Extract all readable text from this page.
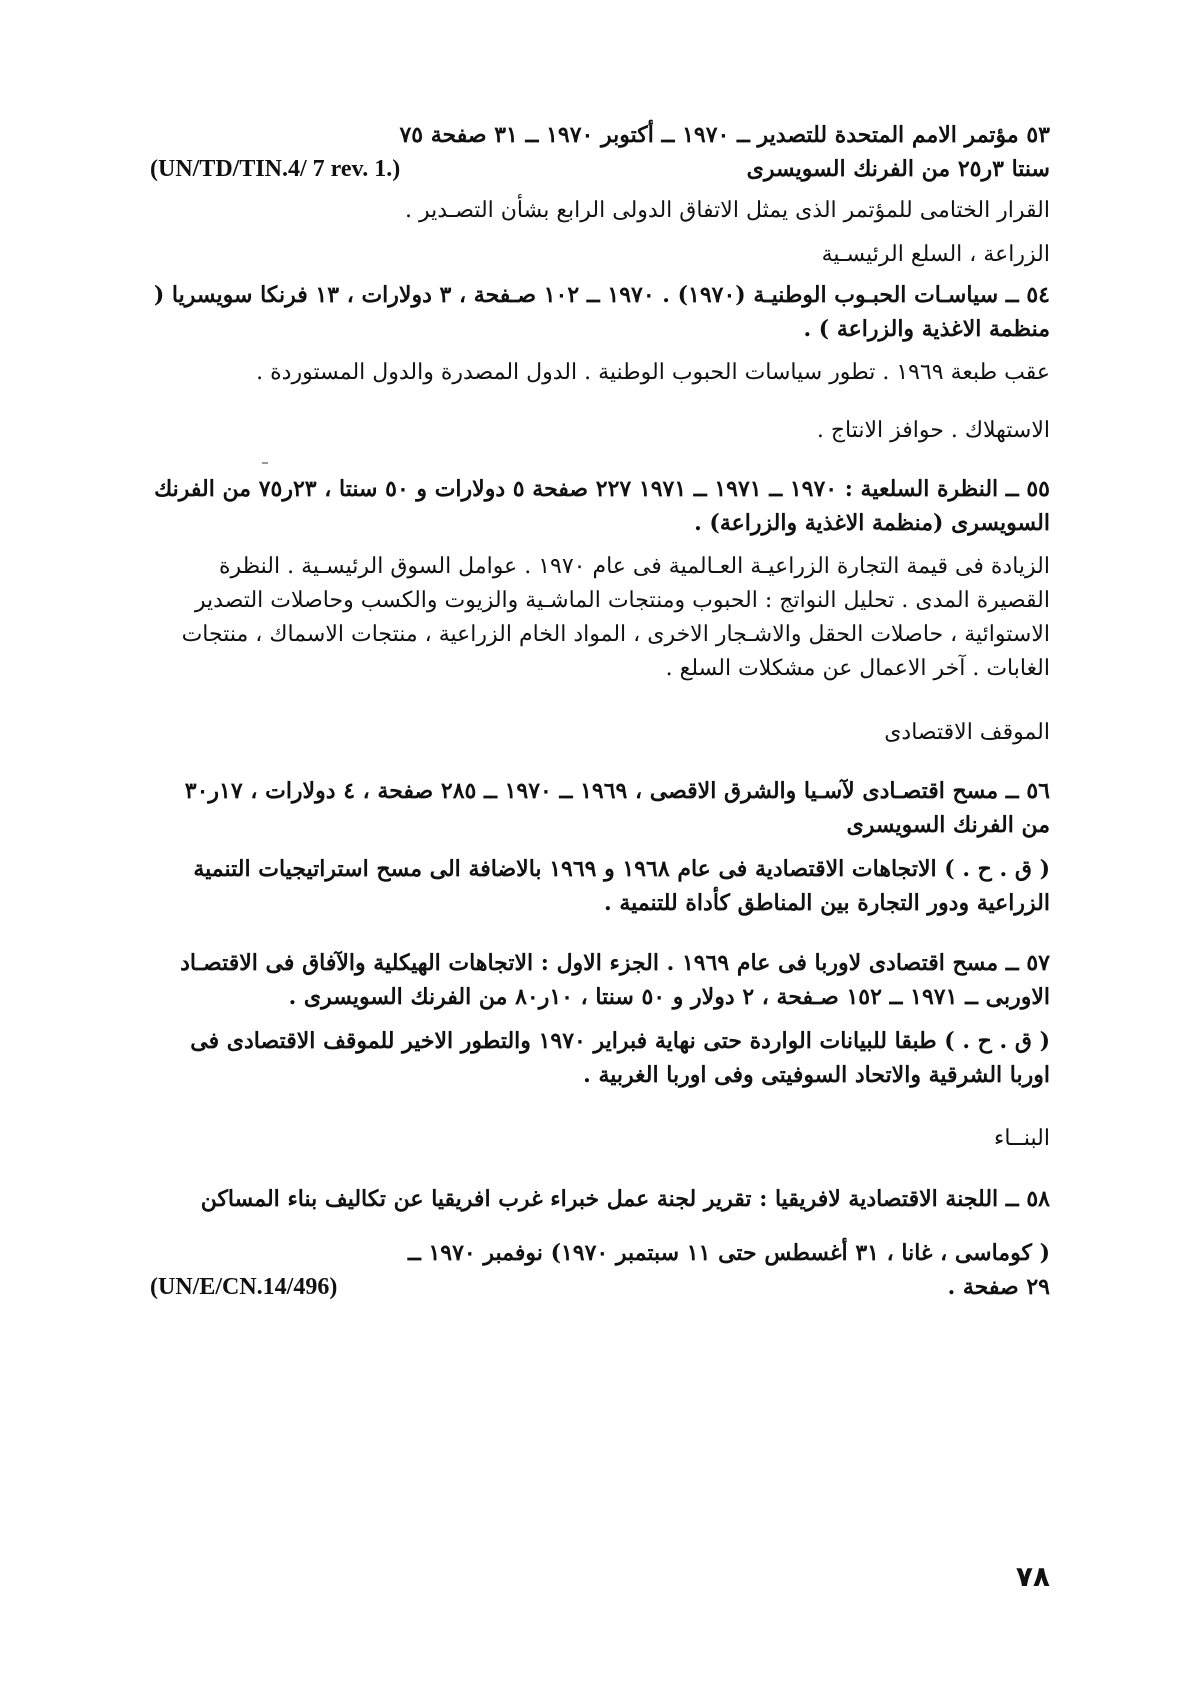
٥٣ مؤتمر الامم المتحدة للتصدير ــ ١٩٧٠ ــ أكتوبر ١٩٧٠ ــ ٣١ صفحة ٧٥
سنتا ٣ر٢٥ من الفرنك السويسرى
(UN/TD/TIN.4/ 7 rev. 1.)

القرار الختامى للمؤتمر الذى يمثل الاتفاق الدولى الرابع بشأن التصـدير .

الزراعة ، السلع الرئيسـية

٥٤ ــ سياسـات الحبـوب الوطنيـة (١٩٧٠) . ١٩٧٠ ــ ١٠٢ صـفحة ، ٣ دولارات ، ١٣ فرنكا سويسريا ( منظمة الاغذية والزراعة ) .

عقب طبعة ١٩٦٩ . تطور سياسات الحبوب الوطنية . الدول المصدرة والدول المستوردة .

الاستهلاك . حوافز الانتاج .

٥٥ ــ النظرة السلعية : ١٩٧٠ ــ ١٩٧١ ــ ١٩٧١ ٢٢٧ صفحة ٥ دولارات و ٥٠ سنتا ، ٢٣ر٧٥ من الفرنك السويسرى (منظمة الاغذية والزراعة) .

الزيادة فى قيمة التجارة الزراعيـة العـالمية فى عام ١٩٧٠ . عوامل السوق الرئيسـية . النظرة القصيرة المدى . تحليل النواتج : الحبوب ومنتجات الماشـية والزيوت والكسب وحاصلات التصدير الاستوائية ، حاصلات الحقل والاشـجار الاخرى ، المواد الخام الزراعية ، منتجات الاسماك ، منتجات الغابات . آخر الاعمال عن مشكلات السلع .

الموقف الاقتصادى

٥٦ ــ مسح اقتصـادى لآسـيا والشرق الاقصى ، ١٩٦٩ ــ ١٩٧٠ ــ ٢٨٥ صفحة ، ٤ دولارات ، ١٧ر٣٠ من الفرنك السويسرى

( ق . ح . ) الاتجاهات الاقتصادية فى عام ١٩٦٨ و ١٩٦٩ بالاضافة الى مسح استراتيجيات التنمية الزراعية ودور التجارة بين المناطق كأداة للتنمية .

٥٧ ــ مسح اقتصادى لاوربا فى عام ١٩٦٩ . الجزء الاول : الاتجاهات الهيكلية والآفاق فى الاقتصـاد الاوربى ــ ١٩٧١ ــ ١٥٢ صـفحة ، ٢ دولار و ٥٠ سنتا ، ١٠ر٨٠ من الفرنك السويسرى .

( ق . ح . ) طبقا للبيانات الواردة حتى نهاية فبراير ١٩٧٠ والتطور الاخير للموقف الاقتصادى فى اوربا الشرقية والاتحاد السوفيتى وفى اوربا الغربية .

البنــاء

٥٨ ــ اللجنة الاقتصادية لافريقيا : تقرير لجنة عمل خبراء غرب افريقيا عن تكاليف بناء المساكن

( كوماسى ، غانا ، ٣١ أغسطس حتى ١١ سبتمبر ١٩٧٠) نوفمبر ١٩٧٠ ــ
٢٩ صفحة .
(UN/E/CN.14/496)
٧٨
